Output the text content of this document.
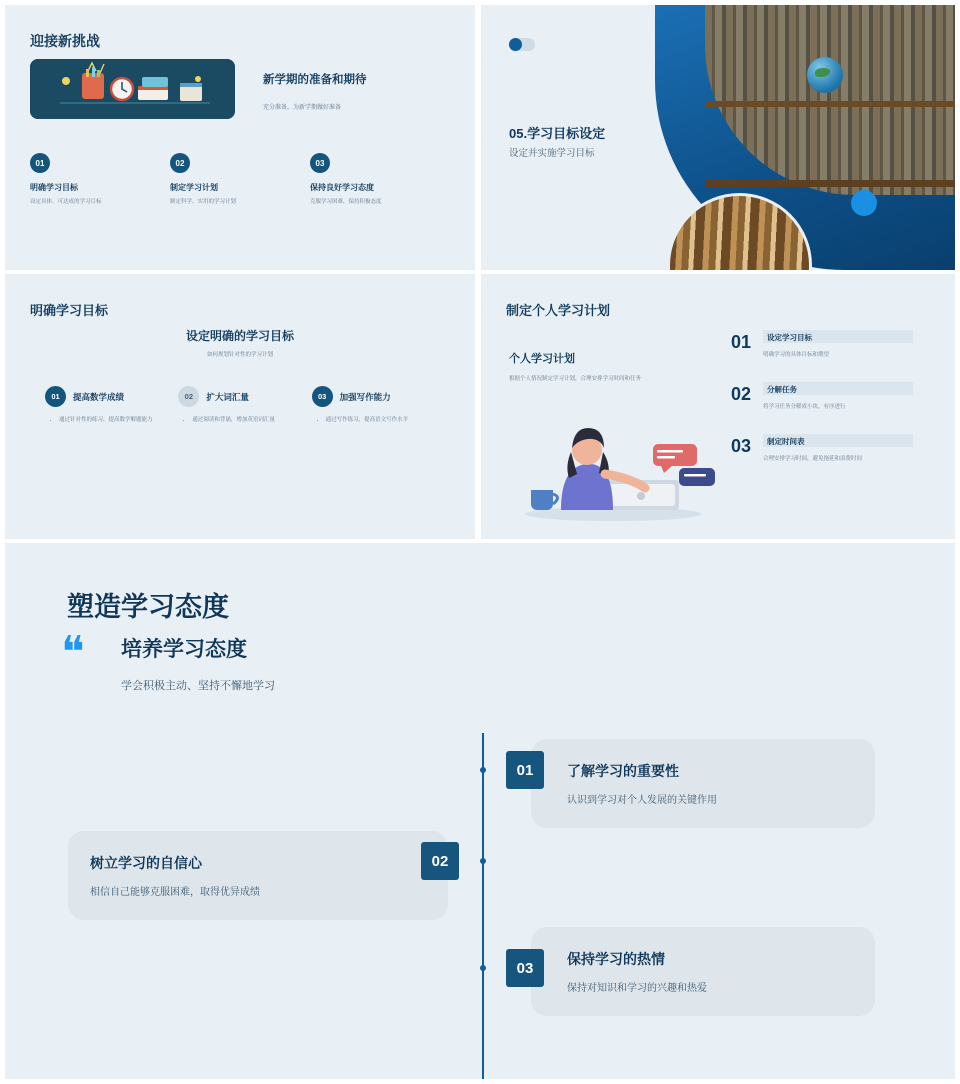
迎接新挑战
新学期的准备和期待
充分准备，为新学期做好准备
01
明确学习目标

设定具体、可达成的学习目标

02
制定学习计划

制定科学、实用的学习计划

03
保持良好学习态度

克服学习困难，保持积极态度

05.学习目标设定
设定并实施学习目标
明确学习目标
设定明确的学习目标
如何规划针对性的学习计划
01	提高数学成绩
• 通过针对性的练习，提高数学解题能力
02	扩大词汇量
• 通过阅读和背诵，增加英语词汇量
03	加强写作能力
• 通过写作练习，提高语文写作水平
制定个人学习计划
个人学习计划
根据个人情况制定学习计划，合理安排学习时间和任务
01 设定学习目标
明确学习的具体目标和期望
02 分解任务
将学习任务分解成小块，有序进行
03 制定时间表
合理安排学习时间，避免拖延和浪费时间
塑造学习态度
❝ 培养学习态度
学会积极主动、坚持不懈地学习
了解学习的重要性

认识到学习对个人发展的关键作用

01
树立学习的自信心

相信自己能够克服困难，取得优异成绩

02
保持学习的热情

保持对知识和学习的兴趣和热爱

03
